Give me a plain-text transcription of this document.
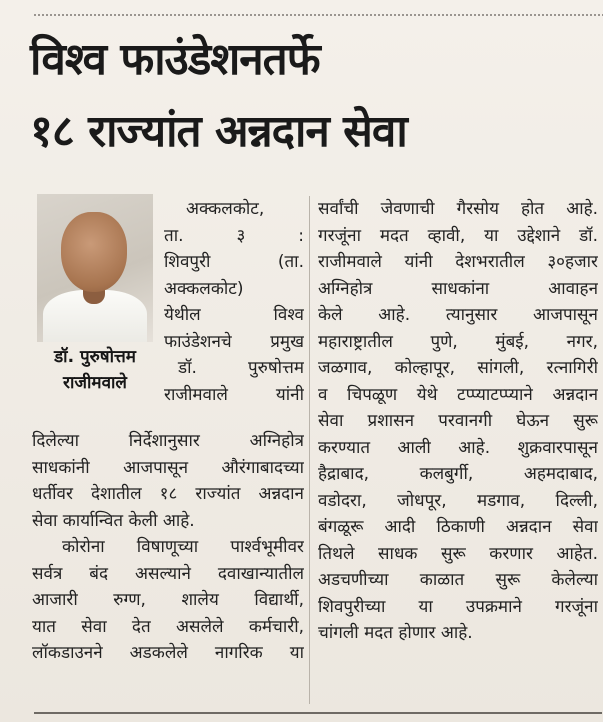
विश्व फाउंडेशनतर्फे
१८ राज्यांत अन्नदान सेवा
डॉ. पुरुषोत्तम
राजीमवाले
अक्कलकोट,
ता. ३ :
शिवपुरी (ता.
अक्कलकोट)
येथील विश्व
फाउंडेशनचे प्रमुख
डॉ. पुरुषोत्तम
राजीमवाले यांनी
दिलेल्या निर्देशानुसार अग्निहोत्र
साधकांनी आजपासून औरंगाबादच्या
धर्तीवर देशातील १८ राज्यांत अन्नदान
सेवा कार्यान्वित केली आहे.
कोरोना विषाणूच्या पार्श्वभूमीवर
सर्वत्र बंद असल्याने दवाखान्यातील
आजारी रुग्ण, शालेय विद्यार्थी,
यात सेवा देत असलेले कर्मचारी,
लॉकडाउनने अडकलेले नागरिक या
सर्वांची जेवणाची गैरसोय होत आहे.
गरजूंना मदत व्हावी, या उद्देशाने डॉ.
राजीमवाले यांनी देशभरातील ३०हजार
अग्निहोत्र साधकांना आवाहन
केले आहे. त्यानुसार आजपासून
महाराष्ट्रातील पुणे, मुंबई, नगर,
जळगाव, कोल्हापूर, सांगली, रत्नागिरी
व चिपळूण येथे टप्प्याटप्प्याने अन्नदान
सेवा प्रशासन परवानगी घेऊन सुरू
करण्यात आली आहे. शुक्रवारपासून
हैद्राबाद, कलबुर्गी, अहमदाबाद,
वडोदरा, जोधपूर, मडगाव, दिल्ली,
बंगळूरू आदी ठिकाणी अन्नदान सेवा
तिथले साधक सुरू करणार आहेत.
अडचणीच्या काळात सुरू केलेल्या
शिवपुरीच्या या उपक्रमाने गरजूंना
चांगली मदत होणार आहे.
